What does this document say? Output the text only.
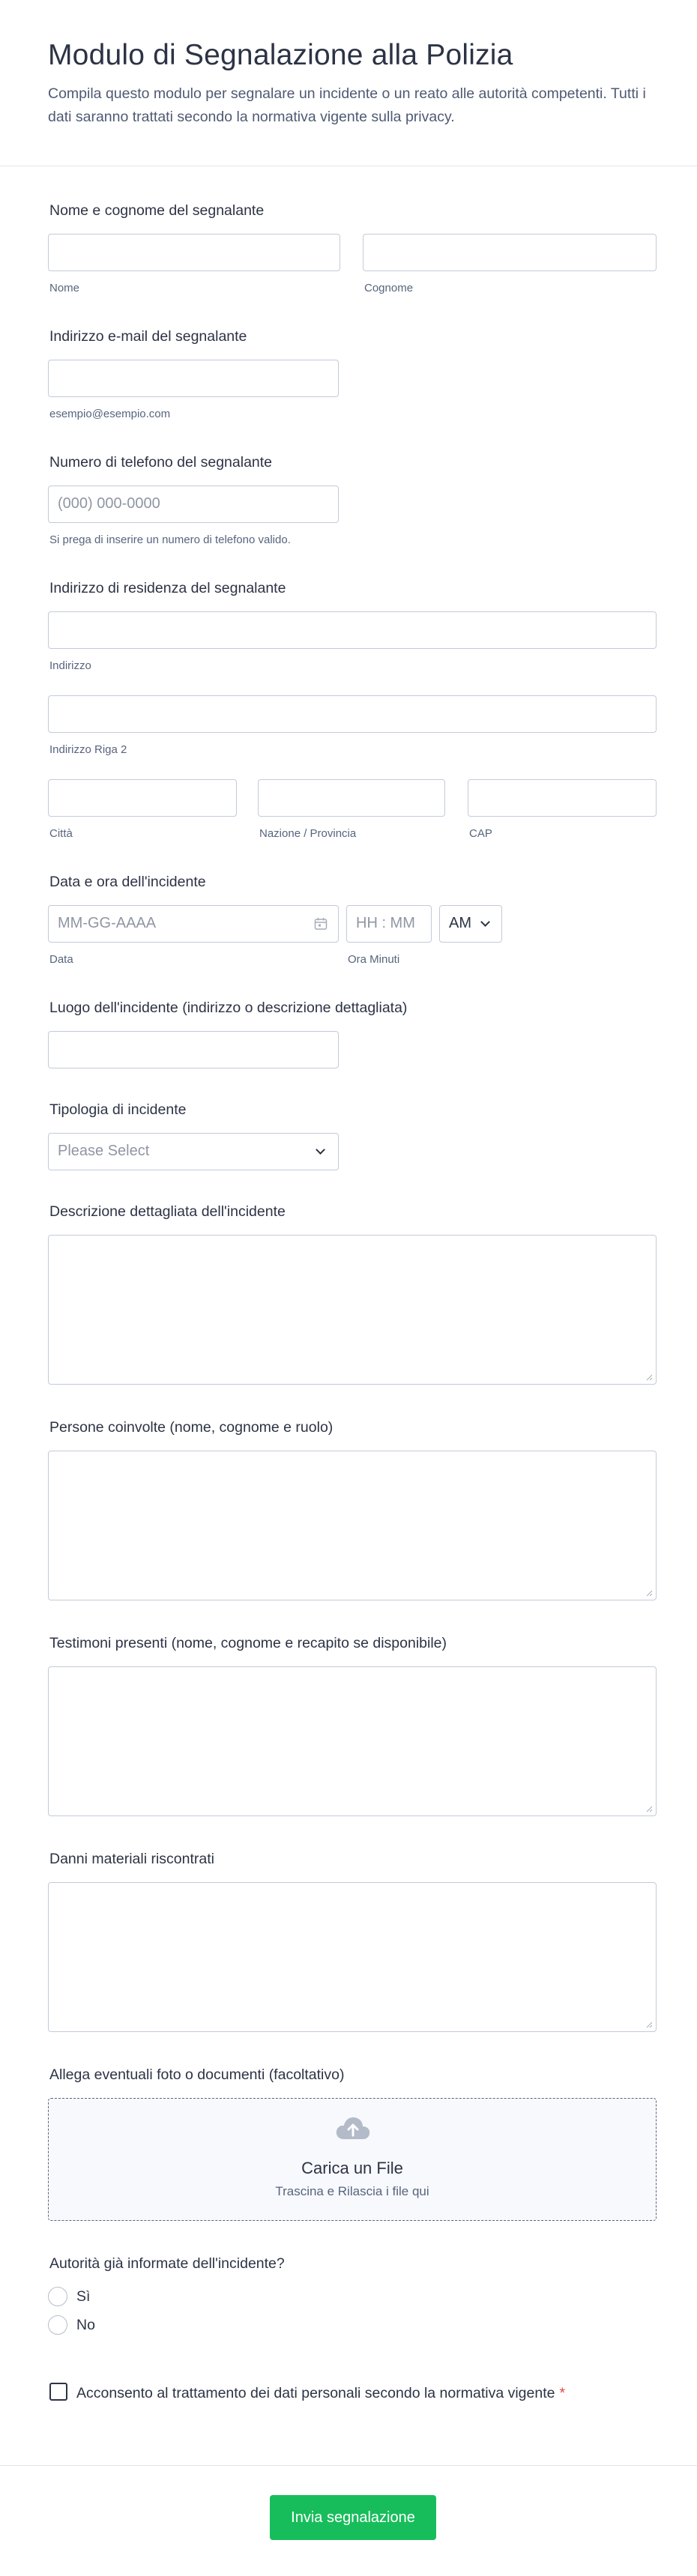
Modulo di Segnalazione alla Polizia

Compila questo modulo per segnalare un incidente o un reato alle autorità competenti. Tutti i dati saranno trattati secondo la normativa vigente sulla privacy.

Nome e cognome del segnalante
Nome	Cognome
Indirizzo e-mail del segnalante
esempio@esempio.com
Numero di telefono del segnalante
(000) 000-0000
Si prega di inserire un numero di telefono valido.
Indirizzo di residenza del segnalante
Indirizzo
Indirizzo Riga 2
Città	Nazione / Provincia	CAP
Data e ora dell'incidente
MM-GG-AAAA	HH : MM AM
Data	Ora Minuti
Luogo dell'incidente (indirizzo o descrizione dettagliata)
Tipologia di incidente
Please Select
Descrizione dettagliata dell'incidente
Persone coinvolte (nome, cognome e ruolo)
Testimoni presenti (nome, cognome e recapito se disponibile)
Danni materiali riscontrati
Allega eventuali foto o documenti (facoltativo)
Carica un File
Trascina e Rilascia i file qui
Autorità già informate dell'incidente?
Sì
No
Acconsento al trattamento dei dati personali secondo la normativa vigente *
Invia segnalazione
